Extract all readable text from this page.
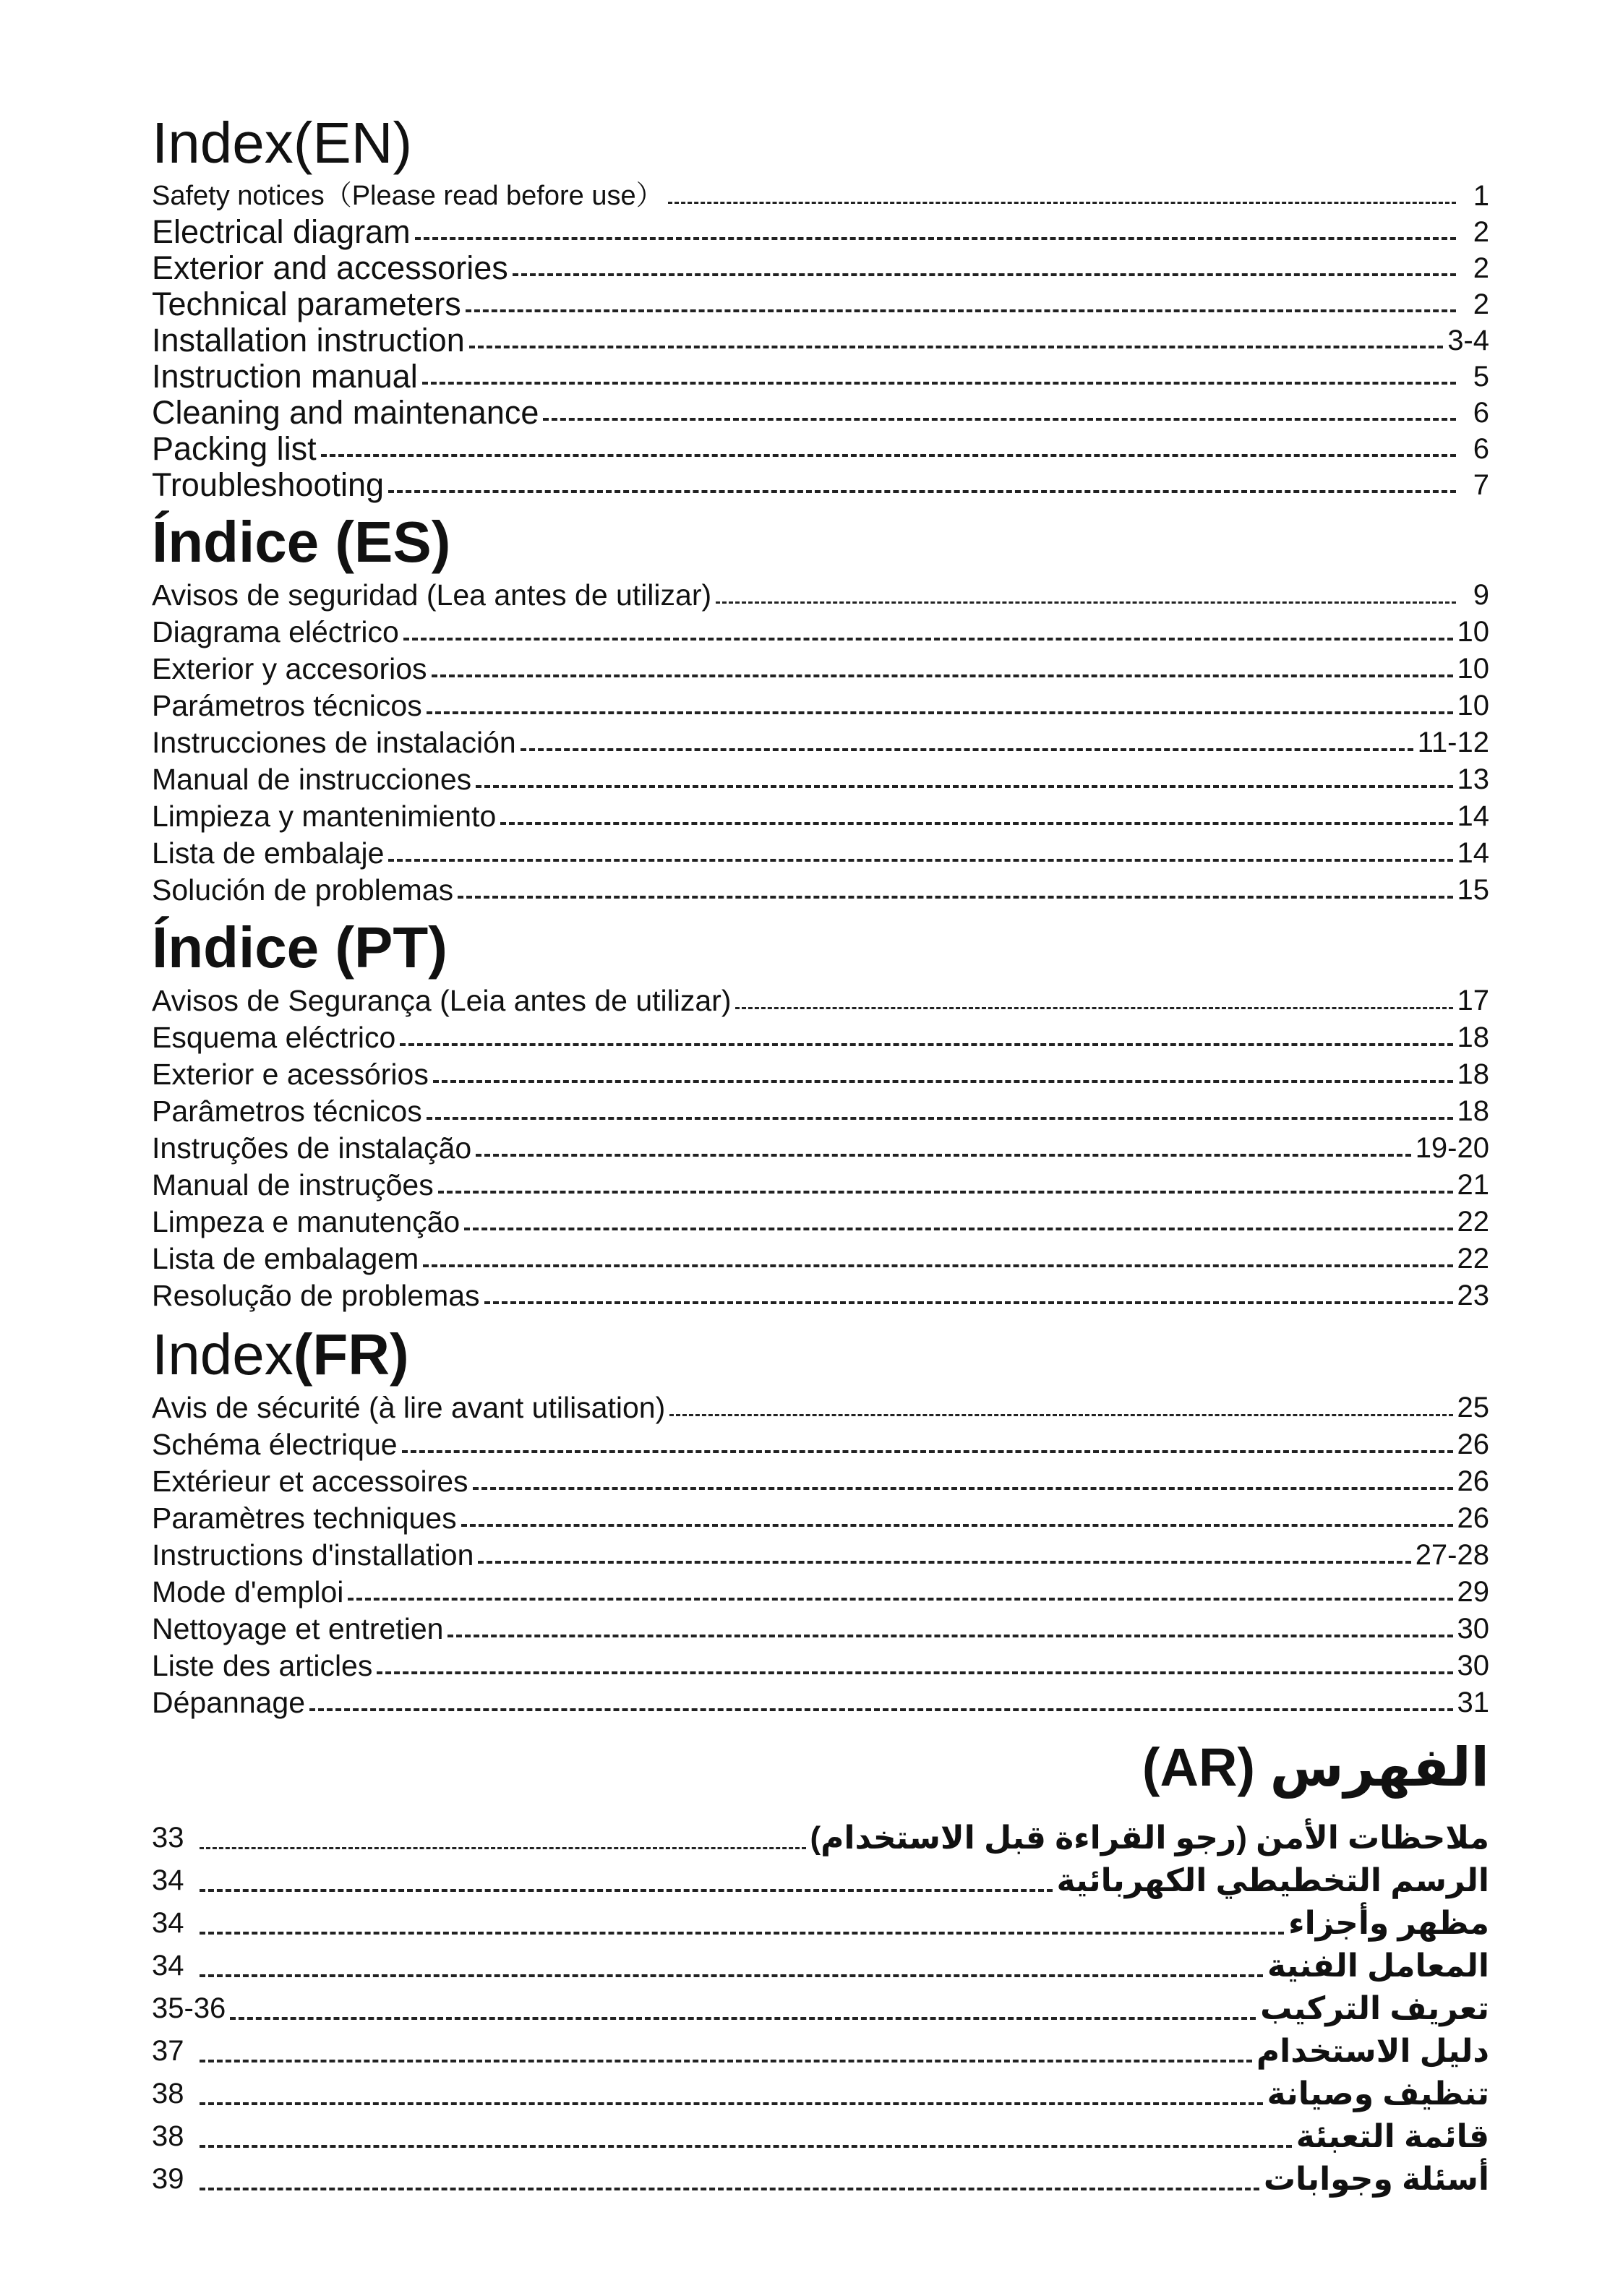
Index(EN)
Safety notices（Please read before use）	1
Electrical diagram	2
Exterior and accessories	2
Technical parameters	2
Installation instruction	3-4
Instruction manual	5
Cleaning and maintenance	6
Packing list	6
Troubleshooting	7
Índice (ES)
Avisos de seguridad (Lea antes de utilizar)	9
Diagrama eléctrico	10
Exterior y accesorios	10
Parámetros técnicos	10
Instrucciones de instalación	11-12
Manual de instrucciones	13
Limpieza y mantenimiento	14
Lista de embalaje	14
Solución de problemas	15
Índice (PT)
Avisos de Segurança (Leia antes de utilizar)	17
Esquema eléctrico	18
Exterior e acessórios	18
Parâmetros técnicos	18
Instruções de instalação	19-20
Manual de instruções	21
Limpeza e manutenção	22
Lista de embalagem	22
Resolução de problemas	23
Index(FR)
Avis de sécurité (à lire avant utilisation)	25
Schéma électrique	26
Extérieur et accessoires	26
Paramètres techniques	26
Instructions d'installation	27-28
Mode d'emploi	29
Nettoyage et entretien	30
Liste des articles	30
Dépannage	31
الفهرس (AR)
33	ملاحظات الأمن (رجو القراءة قبل الاستخدام)
34	الرسم التخطيطي الكهربائية
34	مظهر وأجزاء
34	المعامل الفنية
35-36	تعريف التركيب
37	دليل الاستخدام
38	تنظيف وصيانة
38	قائمة التعبئة
39	أسئلة وجوابات
